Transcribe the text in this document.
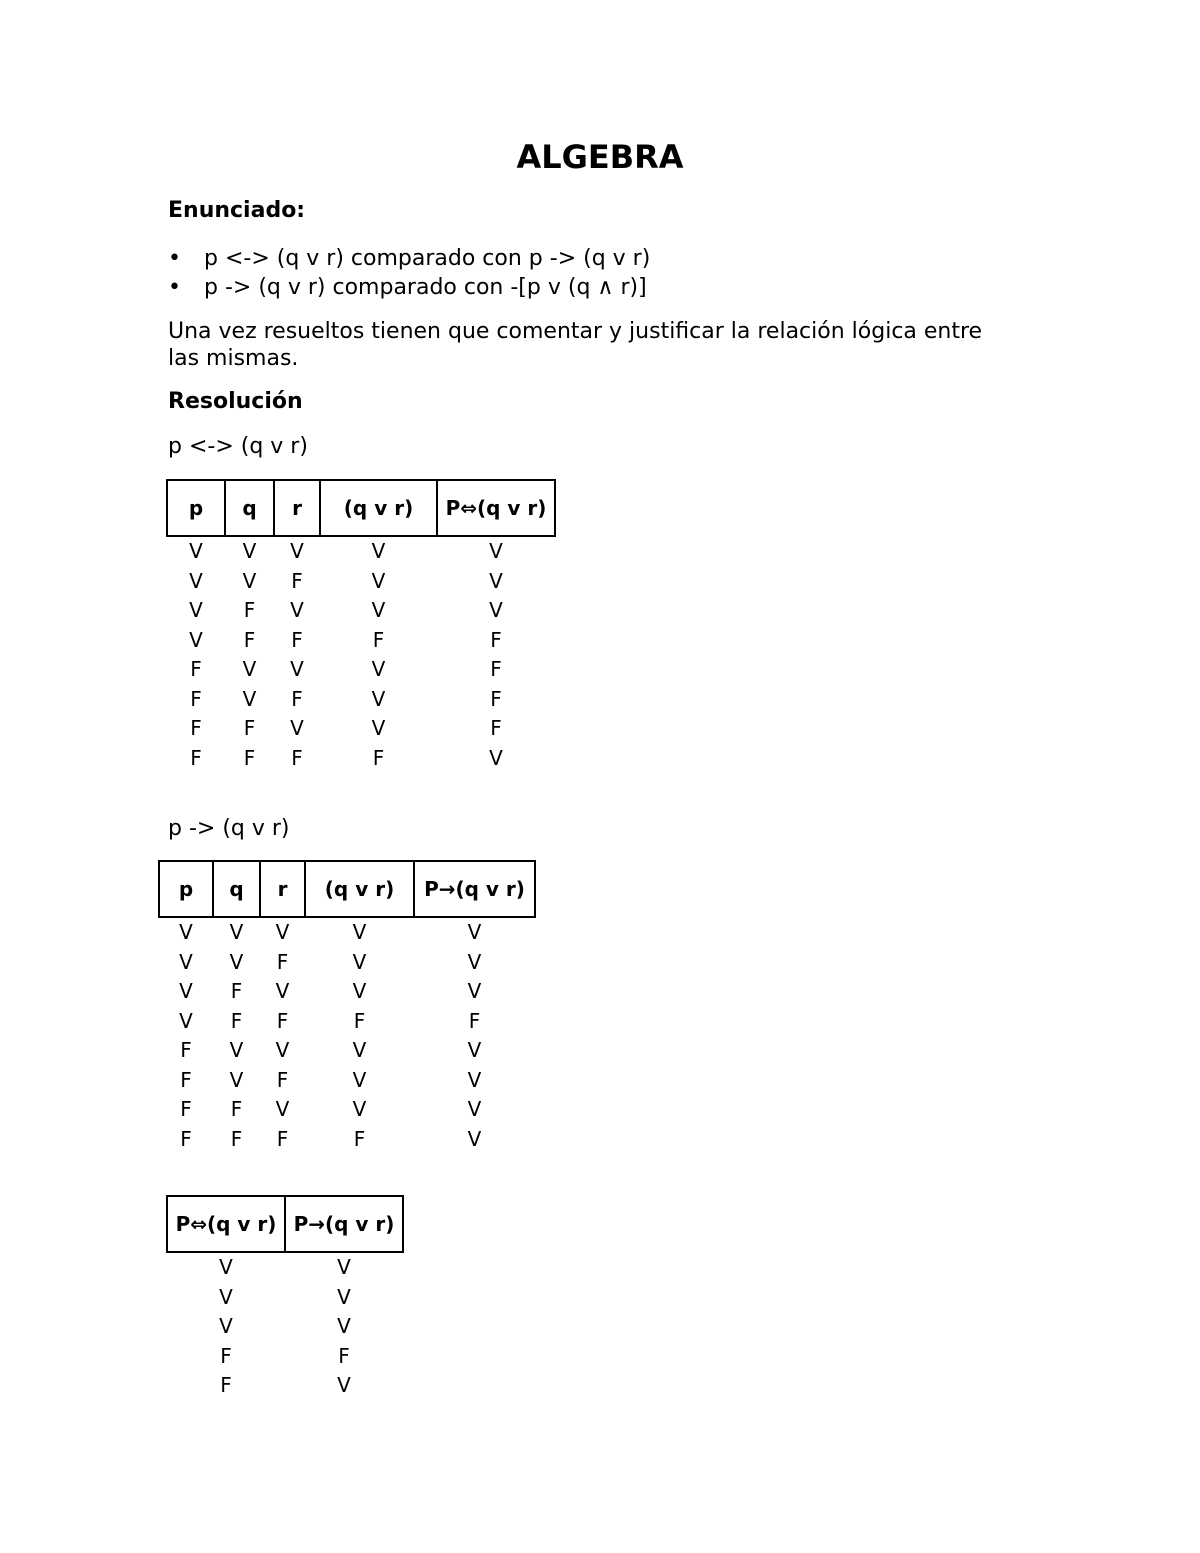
ALGEBRA
Enunciado:
• p <-> (q v r) comparado con p -> (q v r)
• p -> (q v r) comparado con -[p v (q ∧ r)]
Una vez resueltos tienen que comentar y justificar la relación lógica entre las mismas.
Resolución
p <-> (q v r)
p	q	r	(q v r)	P⇔(q v r)
V	V	V	V	V
V	V	F	V	V
V	F	V	V	V
V	F	F	F	F
F	V	V	V	F
F	V	F	V	F
F	F	V	V	F
F	F	F	F	V
p -> (q v r)
p	q	r	(q v r)	P→(q v r)
V	V	V	V	V
V	V	F	V	V
V	F	V	V	V
V	F	F	F	F
F	V	V	V	V
F	V	F	V	V
F	F	V	V	V
F	F	F	F	V
P⇔(q v r)	P→(q v r)
V	V
V	V
V	V
F	F
F	V
